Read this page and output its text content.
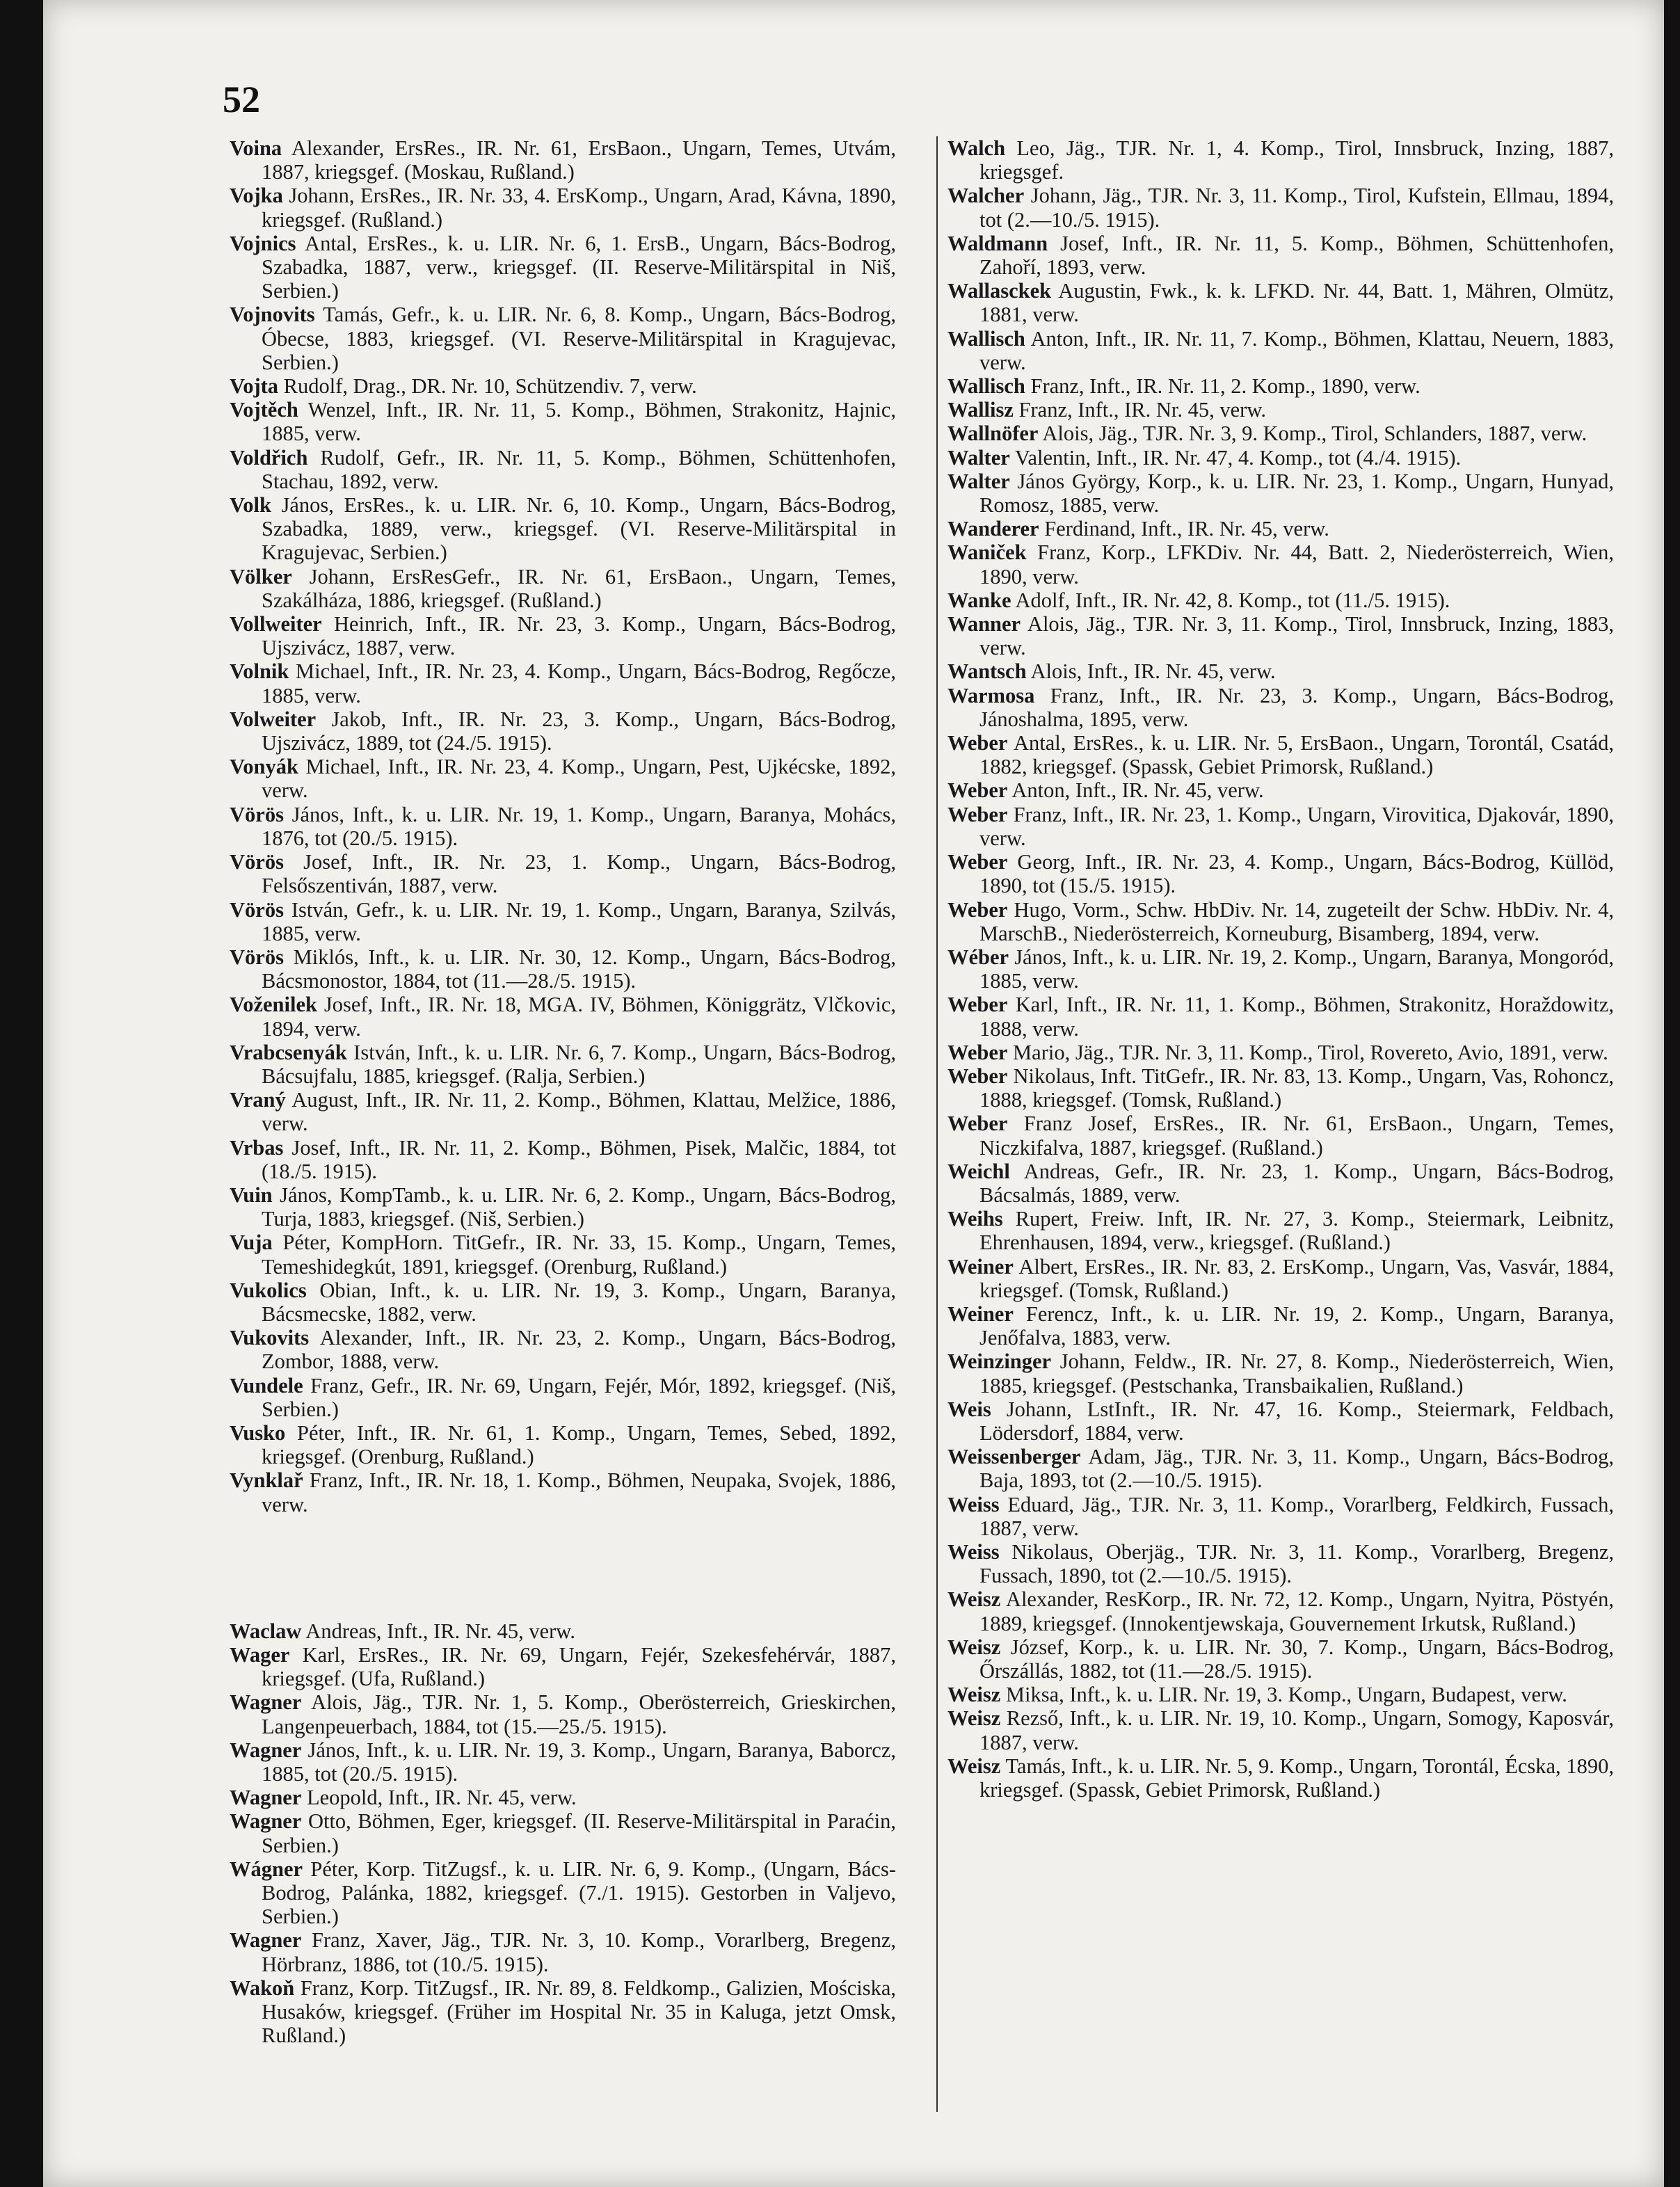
52
Voina Alexander, ErsRes., IR. Nr. 61, ErsBaon., Ungarn, Temes, Utvám, 1887, kriegsgef. (Moskau, Rußland.)
Vojka Johann, ErsRes., IR. Nr. 33, 4. ErsKomp., Ungarn, Arad, Kávna, 1890, kriegsgef. (Rußland.)
Vojnics Antal, ErsRes., k. u. LIR. Nr. 6, 1. ErsB., Ungarn, Bács-Bodrog, Szabadka, 1887, verw., kriegsgef. (II. Reserve-Militärspital in Niš, Serbien.)
Vojnovits Tamás, Gefr., k. u. LIR. Nr. 6, 8. Komp., Ungarn, Bács-Bodrog, Óbecse, 1883, kriegsgef. (VI. Reserve-Militärspital in Kragujevac, Serbien.)
Vojta Rudolf, Drag., DR. Nr. 10, Schützendiv. 7, verw.
Vojtěch Wenzel, Inft., IR. Nr. 11, 5. Komp., Böhmen, Strakonitz, Hajnic, 1885, verw.
Voldřich Rudolf, Gefr., IR. Nr. 11, 5. Komp., Böhmen, Schüttenhofen, Stachau, 1892, verw.
Volk János, ErsRes., k. u. LIR. Nr. 6, 10. Komp., Ungarn, Bács-Bodrog, Szabadka, 1889, verw., kriegsgef. (VI. Reserve-Militärspital in Kragujevac, Serbien.)
Völker Johann, ErsResGefr., IR. Nr. 61, ErsBaon., Ungarn, Temes, Szakálháza, 1886, kriegsgef. (Rußland.)
Vollweiter Heinrich, Inft., IR. Nr. 23, 3. Komp., Ungarn, Bács-Bodrog, Ujszivácz, 1887, verw.
Volnik Michael, Inft., IR. Nr. 23, 4. Komp., Ungarn, Bács-Bodrog, Regőcze, 1885, verw.
Volweiter Jakob, Inft., IR. Nr. 23, 3. Komp., Ungarn, Bács-Bodrog, Ujszivácz, 1889, tot (24./5. 1915).
Vonyák Michael, Inft., IR. Nr. 23, 4. Komp., Ungarn, Pest, Ujkécske, 1892, verw.
Vörös János, Inft., k. u. LIR. Nr. 19, 1. Komp., Ungarn, Baranya, Mohács, 1876, tot (20./5. 1915).
Vörös Josef, Inft., IR. Nr. 23, 1. Komp., Ungarn, Bács-Bodrog, Felsőszentiván, 1887, verw.
Vörös István, Gefr., k. u. LIR. Nr. 19, 1. Komp., Ungarn, Baranya, Szilvás, 1885, verw.
Vörös Miklós, Inft., k. u. LIR. Nr. 30, 12. Komp., Ungarn, Bács-Bodrog, Bácsmonostor, 1884, tot (11.—28./5. 1915).
Voženilek Josef, Inft., IR. Nr. 18, MGA. IV, Böhmen, Königgrätz, Vlčkovic, 1894, verw.
Vrabcsenyák István, Inft., k. u. LIR. Nr. 6, 7. Komp., Ungarn, Bács-Bodrog, Bácsujfalu, 1885, kriegsgef. (Ralja, Serbien.)
Vraný August, Inft., IR. Nr. 11, 2. Komp., Böhmen, Klattau, Melžice, 1886, verw.
Vrbas Josef, Inft., IR. Nr. 11, 2. Komp., Böhmen, Pisek, Malčic, 1884, tot (18./5. 1915).
Vuin János, KompTamb., k. u. LIR. Nr. 6, 2. Komp., Ungarn, Bács-Bodrog, Turja, 1883, kriegsgef. (Niš, Serbien.)
Vuja Péter, KompHorn. TitGefr., IR. Nr. 33, 15. Komp., Ungarn, Temes, Temeshidegkút, 1891, kriegsgef. (Orenburg, Rußland.)
Vukolics Obian, Inft., k. u. LIR. Nr. 19, 3. Komp., Ungarn, Baranya, Bácsmecske, 1882, verw.
Vukovits Alexander, Inft., IR. Nr. 23, 2. Komp., Ungarn, Bács-Bodrog, Zombor, 1888, verw.
Vundele Franz, Gefr., IR. Nr. 69, Ungarn, Fejér, Mór, 1892, kriegsgef. (Niš, Serbien.)
Vusko Péter, Inft., IR. Nr. 61, 1. Komp., Ungarn, Temes, Sebed, 1892, kriegsgef. (Orenburg, Rußland.)
Vynklař Franz, Inft., IR. Nr. 18, 1. Komp., Böhmen, Neupaka, Svojek, 1886, verw.
Waclaw Andreas, Inft., IR. Nr. 45, verw.
Wager Karl, ErsRes., IR. Nr. 69, Ungarn, Fejér, Szekesfehérvár, 1887, kriegsgef. (Ufa, Rußland.)
Wagner Alois, Jäg., TJR. Nr. 1, 5. Komp., Oberösterreich, Grieskirchen, Langenpeuerbach, 1884, tot (15.—25./5. 1915).
Wagner János, Inft., k. u. LIR. Nr. 19, 3. Komp., Ungarn, Baranya, Baborcz, 1885, tot (20./5. 1915).
Wagner Leopold, Inft., IR. Nr. 45, verw.
Wagner Otto, Böhmen, Eger, kriegsgef. (II. Reserve-Militärspital in Paraćin, Serbien.)
Wágner Péter, Korp. TitZugsf., k. u. LIR. Nr. 6, 9. Komp., (Ungarn, Bács-Bodrog, Palánka, 1882, kriegsgef. (7./1. 1915). Gestorben in Valjevo, Serbien.)
Wagner Franz, Xaver, Jäg., TJR. Nr. 3, 10. Komp., Vorarlberg, Bregenz, Hörbranz, 1886, tot (10./5. 1915).
Wakoň Franz, Korp. TitZugsf., IR. Nr. 89, 8. Feldkomp., Galizien, Mościska, Husaków, kriegsgef. (Früher im Hospital Nr. 35 in Kaluga, jetzt Omsk, Rußland.)
Walch Leo, Jäg., TJR. Nr. 1, 4. Komp., Tirol, Innsbruck, Inzing, 1887, kriegsgef.
Walcher Johann, Jäg., TJR. Nr. 3, 11. Komp., Tirol, Kufstein, Ellmau, 1894, tot (2.—10./5. 1915).
Waldmann Josef, Inft., IR. Nr. 11, 5. Komp., Böhmen, Schüttenhofen, Zahoří, 1893, verw.
Wallasckek Augustin, Fwk., k. k. LFKD. Nr. 44, Batt. 1, Mähren, Olmütz, 1881, verw.
Wallisch Anton, Inft., IR. Nr. 11, 7. Komp., Böhmen, Klattau, Neuern, 1883, verw.
Wallisch Franz, Inft., IR. Nr. 11, 2. Komp., 1890, verw.
Wallisz Franz, Inft., IR. Nr. 45, verw.
Wallnöfer Alois, Jäg., TJR. Nr. 3, 9. Komp., Tirol, Schlanders, 1887, verw.
Walter Valentin, Inft., IR. Nr. 47, 4. Komp., tot (4./4. 1915).
Walter János György, Korp., k. u. LIR. Nr. 23, 1. Komp., Ungarn, Hunyad, Romosz, 1885, verw.
Wanderer Ferdinand, Inft., IR. Nr. 45, verw.
Waniček Franz, Korp., LFKDiv. Nr. 44, Batt. 2, Niederösterreich, Wien, 1890, verw.
Wanke Adolf, Inft., IR. Nr. 42, 8. Komp., tot (11./5. 1915).
Wanner Alois, Jäg., TJR. Nr. 3, 11. Komp., Tirol, Innsbruck, Inzing, 1883, verw.
Wantsch Alois, Inft., IR. Nr. 45, verw.
Warmosa Franz, Inft., IR. Nr. 23, 3. Komp., Ungarn, Bács-Bodrog, Jánoshalma, 1895, verw.
Weber Antal, ErsRes., k. u. LIR. Nr. 5, ErsBaon., Ungarn, Torontál, Csatád, 1882, kriegsgef. (Spassk, Gebiet Primorsk, Rußland.)
Weber Anton, Inft., IR. Nr. 45, verw.
Weber Franz, Inft., IR. Nr. 23, 1. Komp., Ungarn, Virovitica, Djakovár, 1890, verw.
Weber Georg, Inft., IR. Nr. 23, 4. Komp., Ungarn, Bács-Bodrog, Küllöd, 1890, tot (15./5. 1915).
Weber Hugo, Vorm., Schw. HbDiv. Nr. 14, zugeteilt der Schw. HbDiv. Nr. 4, MarschB., Niederösterreich, Korneuburg, Bisamberg, 1894, verw.
Wéber János, Inft., k. u. LIR. Nr. 19, 2. Komp., Ungarn, Baranya, Mongoród, 1885, verw.
Weber Karl, Inft., IR. Nr. 11, 1. Komp., Böhmen, Strakonitz, Horaždowitz, 1888, verw.
Weber Mario, Jäg., TJR. Nr. 3, 11. Komp., Tirol, Rovereto, Avio, 1891, verw.
Weber Nikolaus, Inft. TitGefr., IR. Nr. 83, 13. Komp., Ungarn, Vas, Rohoncz, 1888, kriegsgef. (Tomsk, Rußland.)
Weber Franz Josef, ErsRes., IR. Nr. 61, ErsBaon., Ungarn, Temes, Niczkifalva, 1887, kriegsgef. (Rußland.)
Weichl Andreas, Gefr., IR. Nr. 23, 1. Komp., Ungarn, Bács-Bodrog, Bácsalmás, 1889, verw.
Weihs Rupert, Freiw. Inft, IR. Nr. 27, 3. Komp., Steiermark, Leibnitz, Ehrenhausen, 1894, verw., kriegsgef. (Rußland.)
Weiner Albert, ErsRes., IR. Nr. 83, 2. ErsKomp., Ungarn, Vas, Vasvár, 1884, kriegsgef. (Tomsk, Rußland.)
Weiner Ferencz, Inft., k. u. LIR. Nr. 19, 2. Komp., Ungarn, Baranya, Jenőfalva, 1883, verw.
Weinzinger Johann, Feldw., IR. Nr. 27, 8. Komp., Niederösterreich, Wien, 1885, kriegsgef. (Pestschanka, Transbaikalien, Rußland.)
Weis Johann, LstInft., IR. Nr. 47, 16. Komp., Steiermark, Feldbach, Lödersdorf, 1884, verw.
Weissenberger Adam, Jäg., TJR. Nr. 3, 11. Komp., Ungarn, Bács-Bodrog, Baja, 1893, tot (2.—10./5. 1915).
Weiss Eduard, Jäg., TJR. Nr. 3, 11. Komp., Vorarlberg, Feldkirch, Fussach, 1887, verw.
Weiss Nikolaus, Oberjäg., TJR. Nr. 3, 11. Komp., Vorarlberg, Bregenz, Fussach, 1890, tot (2.—10./5. 1915).
Weisz Alexander, ResKorp., IR. Nr. 72, 12. Komp., Ungarn, Nyitra, Pöstyén, 1889, kriegsgef. (Innokentjewskaja, Gouvernement Irkutsk, Rußland.)
Weisz József, Korp., k. u. LIR. Nr. 30, 7. Komp., Ungarn, Bács-Bodrog, Őrszállás, 1882, tot (11.—28./5. 1915).
Weisz Miksa, Inft., k. u. LIR. Nr. 19, 3. Komp., Ungarn, Budapest, verw.
Weisz Rezső, Inft., k. u. LIR. Nr. 19, 10. Komp., Ungarn, Somogy, Kaposvár, 1887, verw.
Weisz Tamás, Inft., k. u. LIR. Nr. 5, 9. Komp., Ungarn, Torontál, Écska, 1890, kriegsgef. (Spassk, Gebiet Primorsk, Rußland.)
